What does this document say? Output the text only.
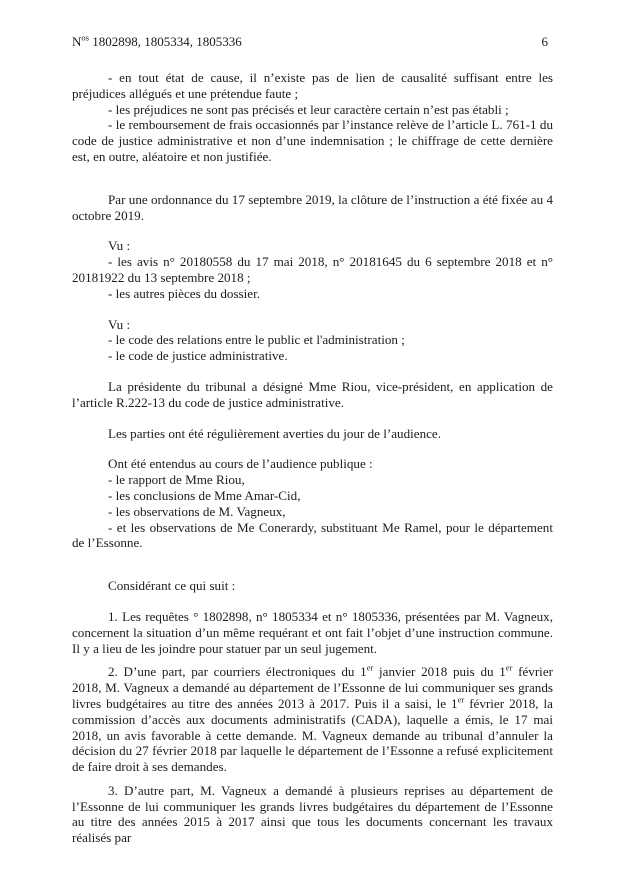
$N^{os}$ 1802898, 1805334, 1805336	6

- en tout état de cause, il n’existe pas de lien de causalité suffisant entre les préjudices allégués et une prétendue faute ;

- les préjudices ne sont pas précisés et leur caractère certain n’est pas établi ;

- le remboursement de frais occasionnés par l’instance relève de l’article L. 761-1 du code de justice administrative et non d’une indemnisation ; le chiffrage de cette dernière est, en outre, aléatoire et non justifiée.

Par une ordonnance du 17 septembre 2019, la clôture de l’instruction a été fixée au 4 octobre 2019.

Vu :

- les avis n° 20180558 du 17 mai 2018, n° 20181645 du 6 septembre 2018 et n° 20181922 du 13 septembre 2018 ;

- les autres pièces du dossier.

Vu :

- le code des relations entre le public et l'administration ;

- le code de justice administrative.

La présidente du tribunal a désigné Mme Riou, vice-président, en application de l’article R.222-13 du code de justice administrative.

Les parties ont été régulièrement averties du jour de l’audience.

Ont été entendus au cours de l’audience publique :

- le rapport de Mme Riou,

- les conclusions de Mme Amar-Cid,

- les observations de M. Vagneux,

- et les observations de Me Conerardy, substituant Me Ramel, pour le département de l’Essonne.

Considérant ce qui suit :

1. Les requêtes ° 1802898, n° 1805334 et n° 1805336, présentées par M. Vagneux, concernent la situation d’un même requérant et ont fait l’objet d’une instruction commune. Il y a lieu de les joindre pour statuer par un seul jugement.

2. D’une part, par courriers électroniques du 1er janvier 2018 puis du 1er février 2018, M. Vagneux a demandé au département de l’Essonne de lui communiquer ses grands livres budgétaires au titre des années 2013 à 2017. Puis il a saisi, le 1er février 2018, la commission d’accès aux documents administratifs (CADA), laquelle a émis, le 17 mai 2018, un avis favorable à cette demande. M. Vagneux demande au tribunal d’annuler la décision du 27 février 2018 par laquelle le département de l’Essonne a refusé explicitement de faire droit à ses demandes.

3. D’autre part, M. Vagneux a demandé à plusieurs reprises au département de l’Essonne de lui communiquer les grands livres budgétaires du département de l’Essonne au titre des années 2015 à 2017 ainsi que tous les documents concernant les travaux réalisés par
